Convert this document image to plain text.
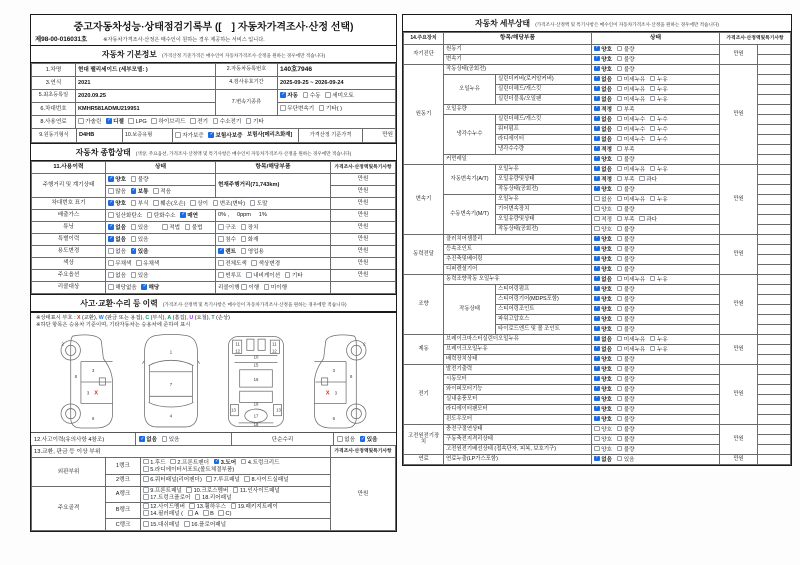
중고자동차성능·상태점검기록부 ([　] 자동차가격조사·산정 선택)
제98-00-016031호	※자동차가격조사·산정은 매수인이 원하는 경우 제공하는 서비스 입니다.
자동차 기본정보 (가격산정 기준가격은 매수인이 자동차가격조사·산정을 원하는 경우에만 적습니다)
1.차명	현대 팰리세이드 (세부모델: )	2.자동차등록번호	140호7946
3.연식	2021	4.검사유효기간	2025-09-25 ~ 2026-09-24
5.최초등록일	2020.09.25	7.변속기종류	✓자동 수동 세미오토
6.차대번호	KMHR581ADMU219951		무단변속기 기타( )
8.사용연료	가솔린 ✓ 디젤 LPG 하이브리드 전기 수소전기 기타

9.원동기형식	D4HB	10.보증유형	자가보증 ✓ 보험사보증 보험사[메리츠화재]	가격산정 기준가격	만원
자동차 종합상태 (색상, 주요옵션, 가격조사·산정액 및 특기사항은 매수인이 자동차가격조사·산정을 원하는 경우에만 적습니다)
11.사용이력	상태	항목/해당부품	가격조사·산정액및특기사항
주행거리 및 계기상태	✓양호 불량	현재주행거리(71,743km)	만원
	많음 ✓ 보통 적음		만원
차대번호 표기	✓양호 부식 훼손(오손) 상이 변조(변타) 도말		만원
배출가스	일산화탄소 탄화수소 ✓ 매연	0% ,     0ppm     1%	만원
튜닝	✓없음 있음 적법 불법	구조 장치	만원
특별이력	✓없음 있음	침수 화재	만원
용도변경	없음 ✓ 있음	✓렌트 영업용	만원
색상	무채색 유채색	전체도색 색상변경	만원
주요옵션	없음 있음	썬루프 내비게이션 기타	만원
리콜대상	해당없음 ✓ 해당	리콜이행 이행 미이행	
사고·교환·수리 등 이력 (가격조사·산정액 및 특기사항은 매수인이 자동차가격조사·산정을 원하는 경우에만 적습니다)
※상태표시 부호 : X (교환), W (판금 또는 용접), C (부식), A (흠집), U (요철), T (손상)
※하단 항목은 승용차 기준이며, 기타자동차는 승용차에 준하여 표시
2
8
3
3 X
6
1
7
4
11
12	12
11
10
15
16
19
13	13
17
18
2
8
3
X 3
6
12.사고이력(유의사항 4참조) ✓	없음	있음	단순수리	없음 ✓	있음
13.교환, 판금 등 이상 부위			가격조사·산정액및특기사항
외판부위	1랭크	1.후드 2.프론트펜더 ✓ 3.도어 4.트렁크리드
5.라디에이터서포트(볼트체결부품)	만원
	2랭크	6.쿼터패널(리어펜더) 7.루프패널 8.사이드실패널	

주요골격	A랭크	9.프론트패널 10.크로스멤버 11.인사이드패널
17.트렁크플로어 18.리어패널	

	B랭크	12.사이드멤버 13.휠하우스 19.패키지트레이
14.필러패널 ( A B C)	

	C랭크	15.대쉬패널 16.플로어패널	
자동차 세부상태 (가격조사·산정액 및 특기사항은 매수인이 자동차가격조사·산정을 원하는 경우에만 적습니다)
14.주요장치	항목/해당부품		상태	가격조사·산정액및특기사항	
자기진단	원동기	✓양호 불량	만원	
	변속기	✓양호 불량	
원동기	작동상태(공회전)	✓양호 불량	만원	
	오일누유	실린더커버(로커암커버)	✓없음 미세누유 누유	
		실린더헤드/개스킷	✓없음 미세누유 누유	
		실린더블록/오일팬	✓없음 미세누유 누유	
	오일유량	✓적정 부족	
	냉각수누수	실린더헤드/개스킷	✓없음 미세누수 누수	
		워터펌프	✓없음 미세누수 누수	
		라디에이터	✓없음 미세누수 누수	
		냉각수수량	✓적정 부족	
	커먼레일	✓양호 불량	
변속기	자동변속기(A/T)	오일누유	✓없음 미세누유 누유	만원	
		오일유량및상태	✓적정 부족 과다	
		작동상태(공회전)	✓양호 불량	
	수동변속기(M/T)	오일누유	없음 미세누유 누유		
		기어변속장치	양호 불량		
		오일유량및상태	적정 부족 과다		
		작동상태(공회전)	양호 불량		
동력전달	클러치어셈블리	✓양호 불량	만원	
	등속조인트	✓양호 불량	
	추진축및베어링	✓양호 불량	
	디퍼렌셜기어	✓양호 불량	
조향	동력조향작동 오일누유	✓없음 미세누유 누유	만원	
	작동상태	스티어링펌프	✓양호 불량	
		스티어링기어(MDPS포함)	✓양호 불량	
		스티어링조인트	✓양호 불량	
		파워고압호스	✓양호 불량	
		타이로드엔드 및 볼 조인트	✓양호 불량	
제동	브레이크마스터실린더오일누유	✓없음 미세누유 누유	만원	
	브레이크오일누유	✓없음 미세누유 누유	
	배력장치상태	✓양호 불량	
전기	발전기출력	✓양호 불량	만원	
	시동모터	✓양호 불량	
	와이퍼모터기능	✓양호 불량	
	실내송풍모터	✓양호 불량	
	라디에이터팬모터	✓양호 불량	
	윈도우모터	✓양호 불량	
고전원전기장치	충전구절연상태		양호 불량	만원	
	구동축전지격리상태		양호 불량		
	고전원전기배선상태 (접속단자, 피복, 보호기구)		양호 불량		
연료	연료누출(LP가스포함)	✓없음 있음	만원	
